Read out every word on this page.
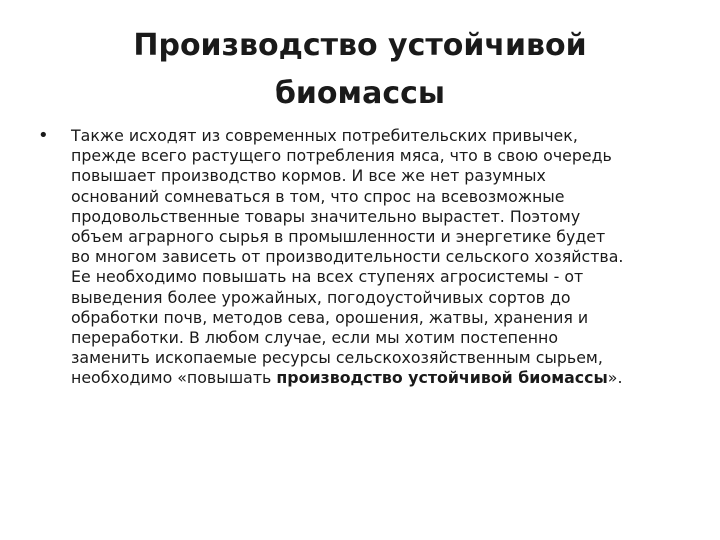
Производство устойчивой
биомассы
• Также исходят из современных потребительских привычек,
прежде всего растущего потребления мяса, что в свою очередь
повышает производство кормов. И все же нет разумных
оснований сомневаться в том, что спрос на всевозможные
продовольственные товары значительно вырастет. Поэтому
объем аграрного сырья в промышленности и энергетике будет
во многом зависеть от производительности сельского хозяйства.
Ее необходимо повышать на всех ступенях агросистемы - от
выведения более урожайных, погодоустойчивых сортов до
обработки почв, методов сева, орошения, жатвы, хранения и
переработки. В любом случае, если мы хотим постепенно
заменить ископаемые ресурсы сельскохозяйственным сырьем,
необходимо «повышать производство устойчивой биомассы».
